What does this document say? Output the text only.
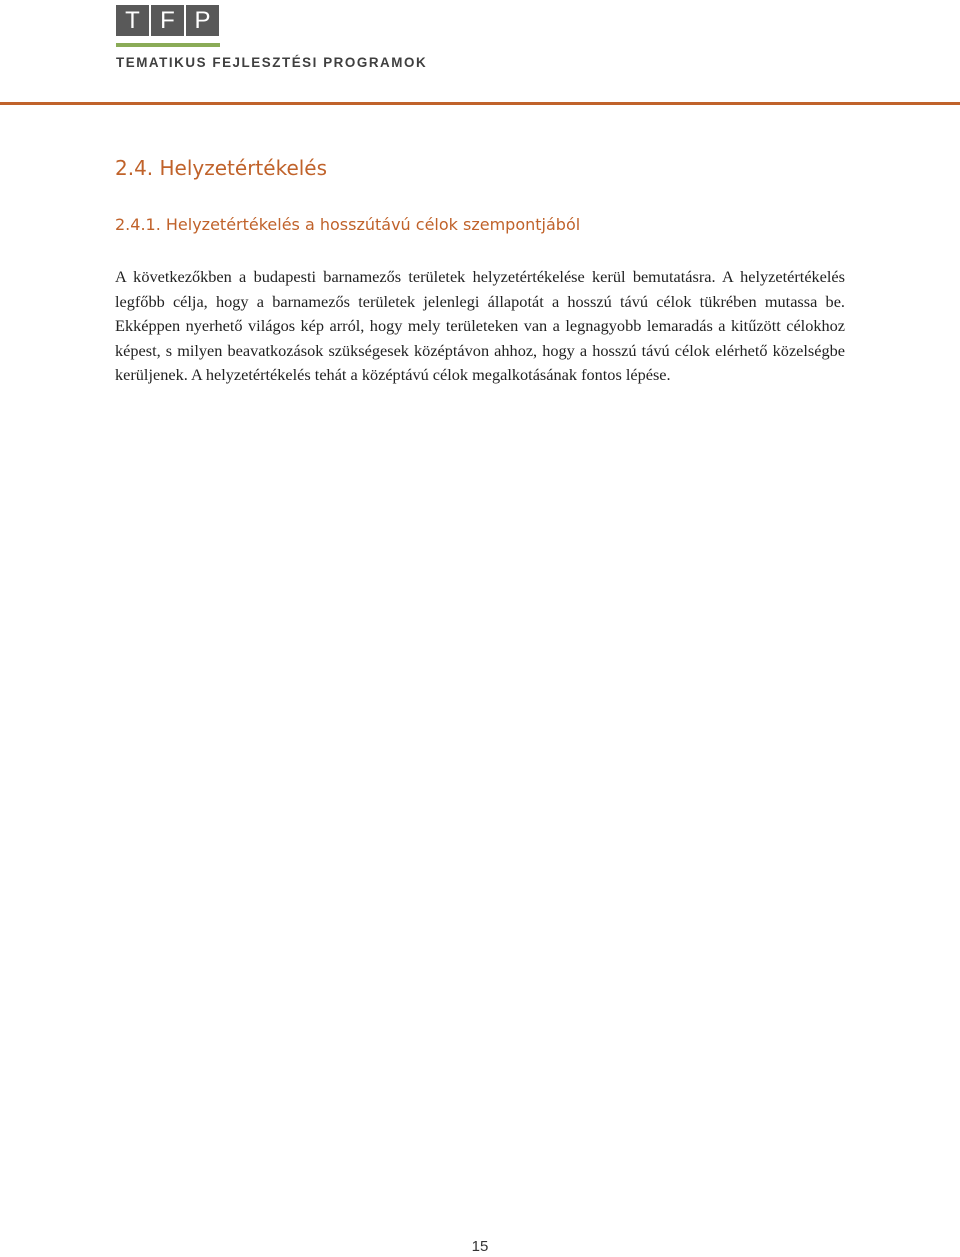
T F P
TEMATIKUS FEJLESZTÉSI PROGRAMOK
2.4. Helyzetértékelés
2.4.1. Helyzetértékelés a hosszútávú célok szempontjából

A következőkben a budapesti barnamezős területek helyzetértékelése kerül bemutatásra. A helyzetértékelés legfőbb célja, hogy a barnamezős területek jelenlegi állapotát a hosszú távú célok tükrében mutassa be. Ekképpen nyerhető világos kép arról, hogy mely területeken van a legnagyobb lemaradás a kitűzött célokhoz képest, s milyen beavatkozások szükségesek középtávon ahhoz, hogy a hosszú távú célok elérhető közelségbe kerüljenek. A helyzetértékelés tehát a középtávú célok megalkotásának fontos lépése.

15
